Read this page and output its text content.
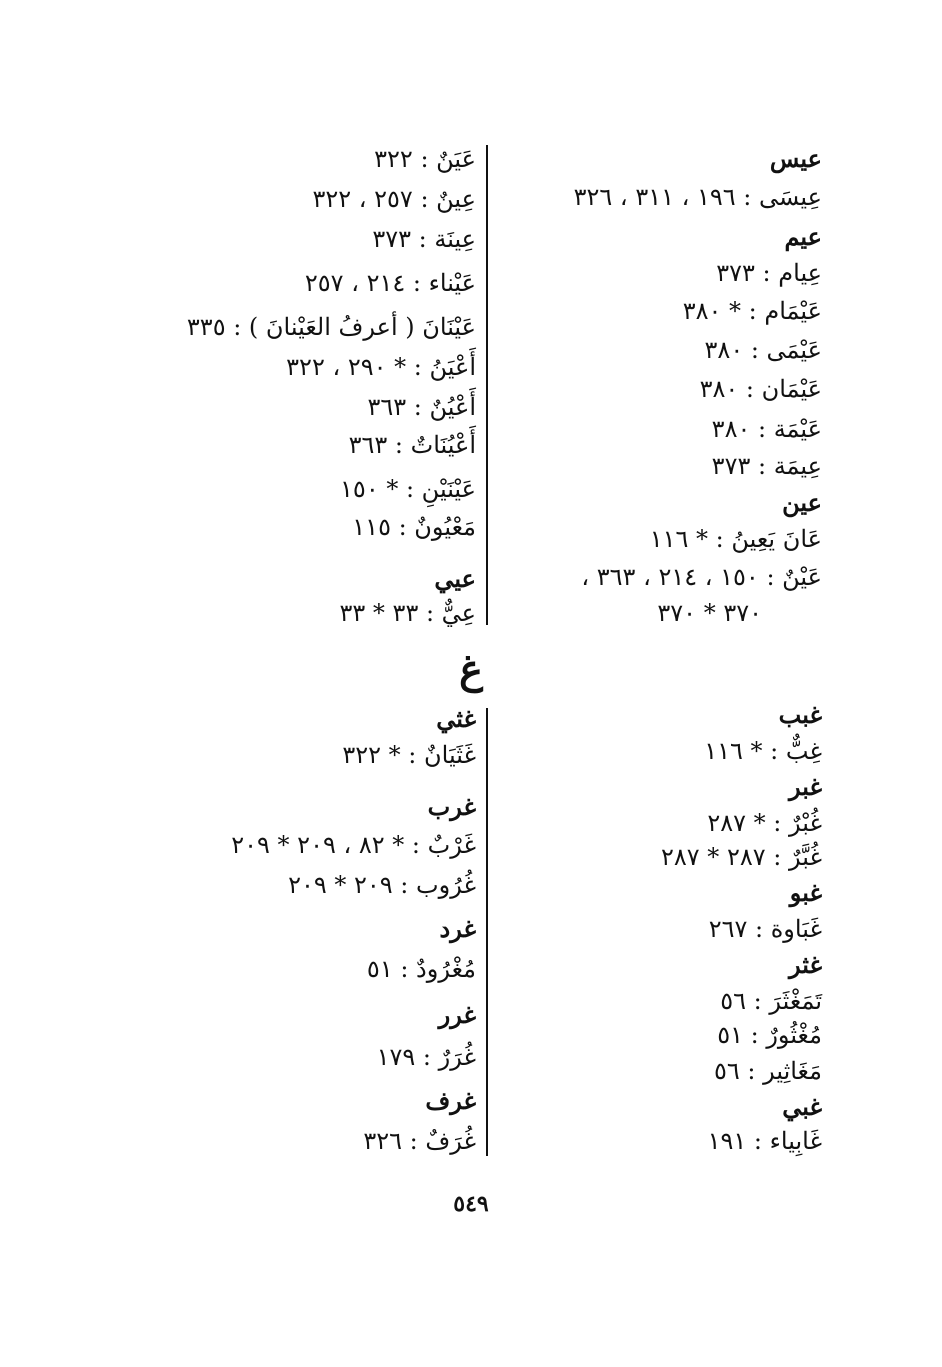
عيس
عِيسَى : ١٩٦ ، ٣١١ ، ٣٢٦
عيم
عِيام : ٣٧٣
عَيْمَام : * ٣٨٠
عَيْمَى : ٣٨٠
عَيْمَان : ٣٨٠
عَيْمَة : ٣٨٠
عِيمَة : ٣٧٣
عين
عَانَ يَعِينُ : * ١١٦
عَيْنٌ : ١٥٠ ، ٢١٤ ، ٣٦٣ ،
٣٧٠ * ٣٧٠
عَيَنٌ : ٣٢٢
عِينٌ : ٢٥٧ ، ٣٢٢
عِينَة : ٣٧٣
عَيْناء : ٢١٤ ، ٢٥٧
عَيْنَانَ ( أعرفُ العَيْنانَ ) : ٣٣٥
أَعْيَنُ : * ٢٩٠ ، ٣٢٢
أَعْيُنٌ : ٣٦٣
أَعْيُنَاتٌ : ٣٦٣
عَيْنَيْنِ : * ١٥٠
مَعْيُونٌ : ١١٥
عيي
عِيٌّ : ٣٣ * ٣٣
غ
غبب
غِبٌّ : * ١١٦
غبر
غُبْرٌ : * ٢٨٧
غُبَّرٌ : ٢٨٧ * ٢٨٧
غبو
غَبَاوة : ٢٦٧
غثر
تَمَغْثَرَ : ٥٦
مُغْثُورٌ : ٥١
مَغَاثِير : ٥٦
غبي
غَابِياء : ١٩١
غثي
غَثَيَانٌ : * ٣٢٢
غرب
غَرْبٌ : * ٨٢ ، ٢٠٩ * ٢٠٩
غُرُوب : ٢٠٩ * ٢٠٩
غرد
مُغْرُودٌ : ٥١
غرر
غُرَرٌ : ١٧٩
غرف
غُرَفٌ : ٣٢٦
٥٤٩
